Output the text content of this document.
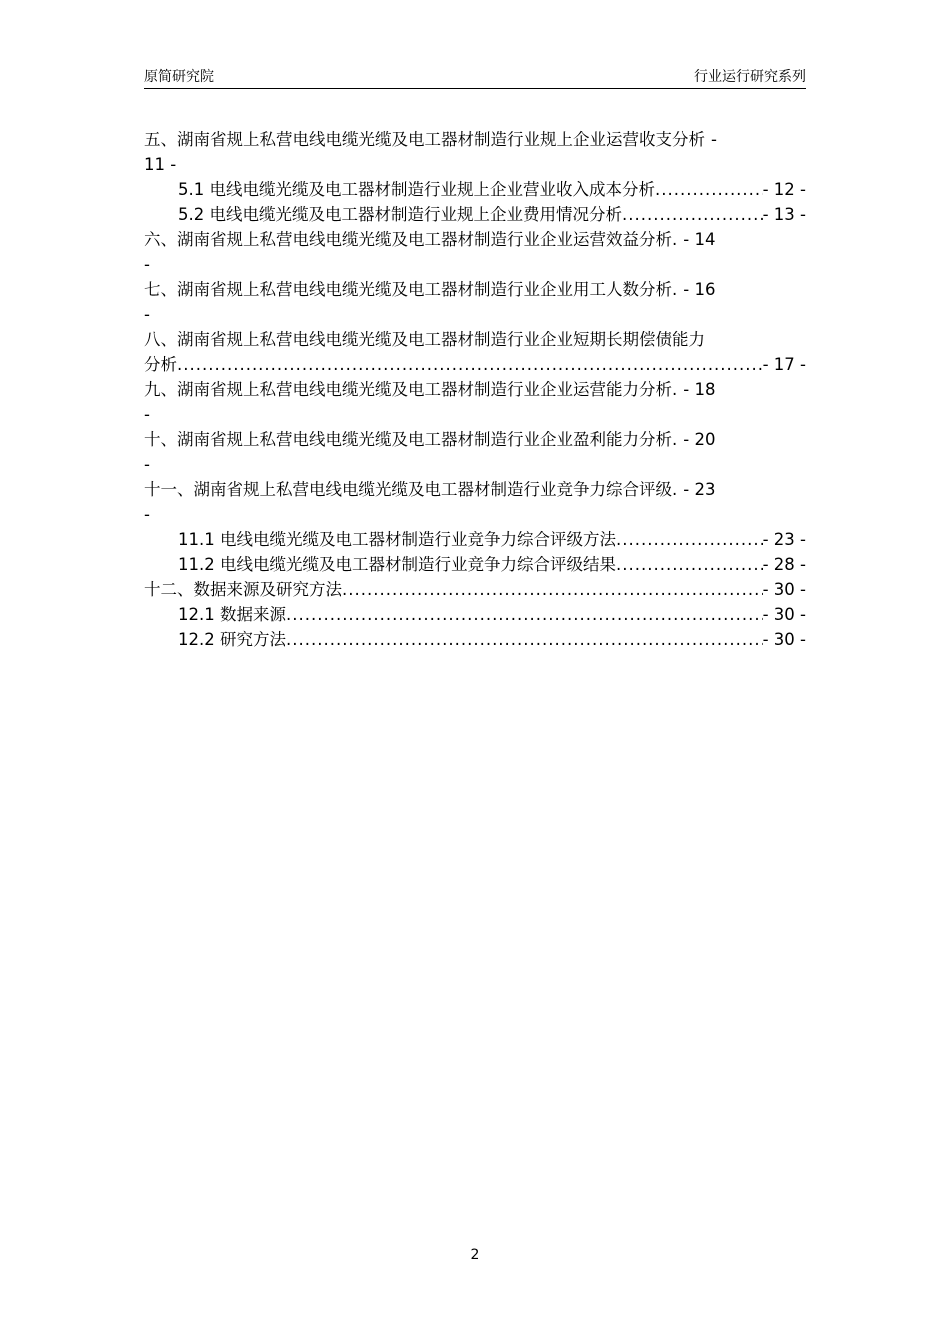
原简研究院	行业运行研究系列
五、湖南省规上私营电线电缆光缆及电工器材制造行业规上企业运营收支分析 -
11 -
5.1 电线电缆光缆及电工器材制造行业规上企业营业收入成本分析 .....	- 12 -
5.2 电线电缆光缆及电工器材制造行业规上企业费用情况分析 .....	- 13 -
六、湖南省规上私营电线电缆光缆及电工器材制造行业企业运营效益分析. - 14
-
七、湖南省规上私营电线电缆光缆及电工器材制造行业企业用工人数分析. - 16
-
八、湖南省规上私营电线电缆光缆及电工器材制造行业企业短期长期偿债能力
分析 .....	- 17 -
九、湖南省规上私营电线电缆光缆及电工器材制造行业企业运营能力分析. - 18
-
十、湖南省规上私营电线电缆光缆及电工器材制造行业企业盈利能力分析. - 20
-
十一、湖南省规上私营电线电缆光缆及电工器材制造行业竞争力综合评级. - 23
-
11.1 电线电缆光缆及电工器材制造行业竞争力综合评级方法 .....	- 23 -
11.2 电线电缆光缆及电工器材制造行业竞争力综合评级结果 .....	- 28 -
十二、数据来源及研究方法 .....	- 30 -
12.1 数据来源 .....	- 30 -
12.2 研究方法 .....	- 30 -
2
